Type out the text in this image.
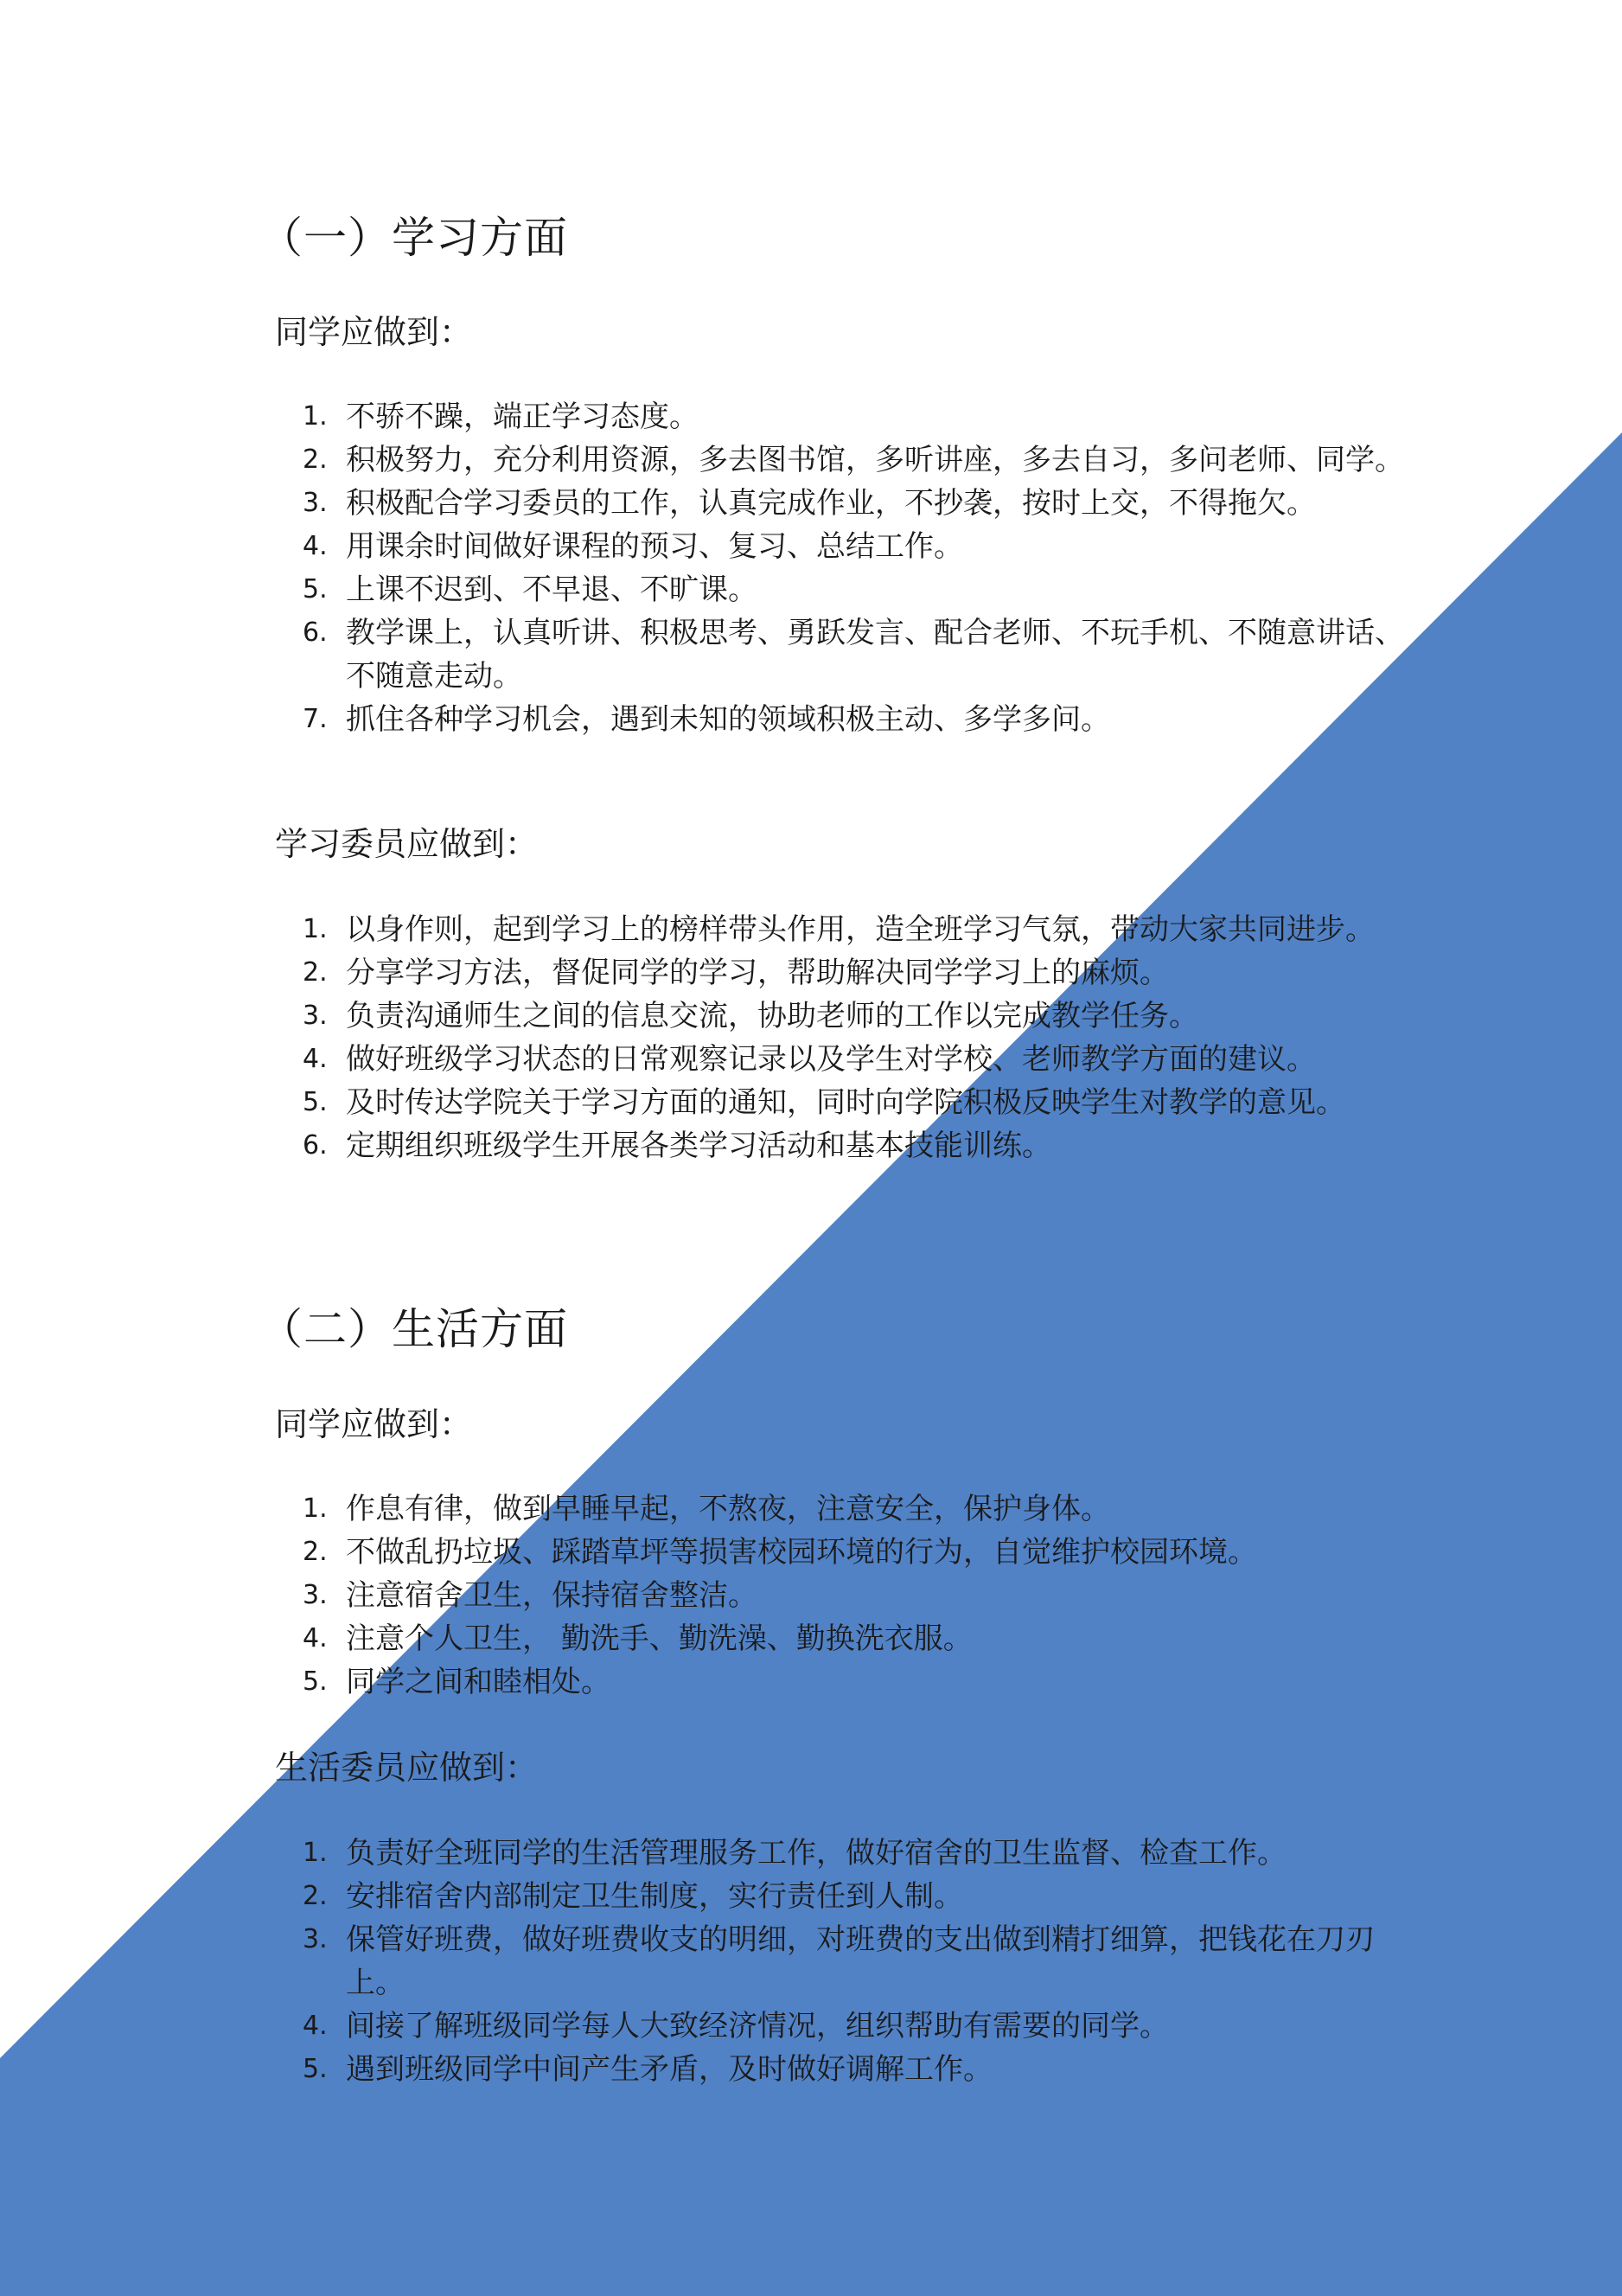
（一）学习方面
同学应做到：
1. 不骄不躁，端正学习态度。
2. 积极努力，充分利用资源，多去图书馆，多听讲座，多去自习，多问老师、同学。
3. 积极配合学习委员的工作，认真完成作业，不抄袭，按时上交，不得拖欠。
4. 用课余时间做好课程的预习、复习、总结工作。
5. 上课不迟到、不早退、不旷课。
6. 教学课上，认真听讲、积极思考、勇跃发言、配合老师、不玩手机、不随意讲话、不随意走动。
7. 抓住各种学习机会，遇到未知的领域积极主动、多学多问。
学习委员应做到：
1. 以身作则，起到学习上的榜样带头作用，造全班学习气氛，带动大家共同进步。
2. 分享学习方法，督促同学的学习，帮助解决同学学习上的麻烦。
3. 负责沟通师生之间的信息交流，协助老师的工作以完成教学任务。
4. 做好班级学习状态的日常观察记录以及学生对学校、老师教学方面的建议。
5. 及时传达学院关于学习方面的通知，同时向学院积极反映学生对教学的意见。
6. 定期组织班级学生开展各类学习活动和基本技能训练。
（二）生活方面
同学应做到：
1. 作息有律，做到早睡早起，不熬夜，注意安全，保护身体。
2. 不做乱扔垃圾、踩踏草坪等损害校园环境的行为，自觉维护校园环境。
3. 注意宿舍卫生，保持宿舍整洁。
4. 注意个人卫生， 勤洗手、勤洗澡、勤换洗衣服。
5. 同学之间和睦相处。
生活委员应做到：
1. 负责好全班同学的生活管理服务工作，做好宿舍的卫生监督、检查工作。
2. 安排宿舍内部制定卫生制度，实行责任到人制。
3. 保管好班费，做好班费收支的明细，对班费的支出做到精打细算，把钱花在刀刃上。
4. 间接了解班级同学每人大致经济情况，组织帮助有需要的同学。
5. 遇到班级同学中间产生矛盾，及时做好调解工作。
